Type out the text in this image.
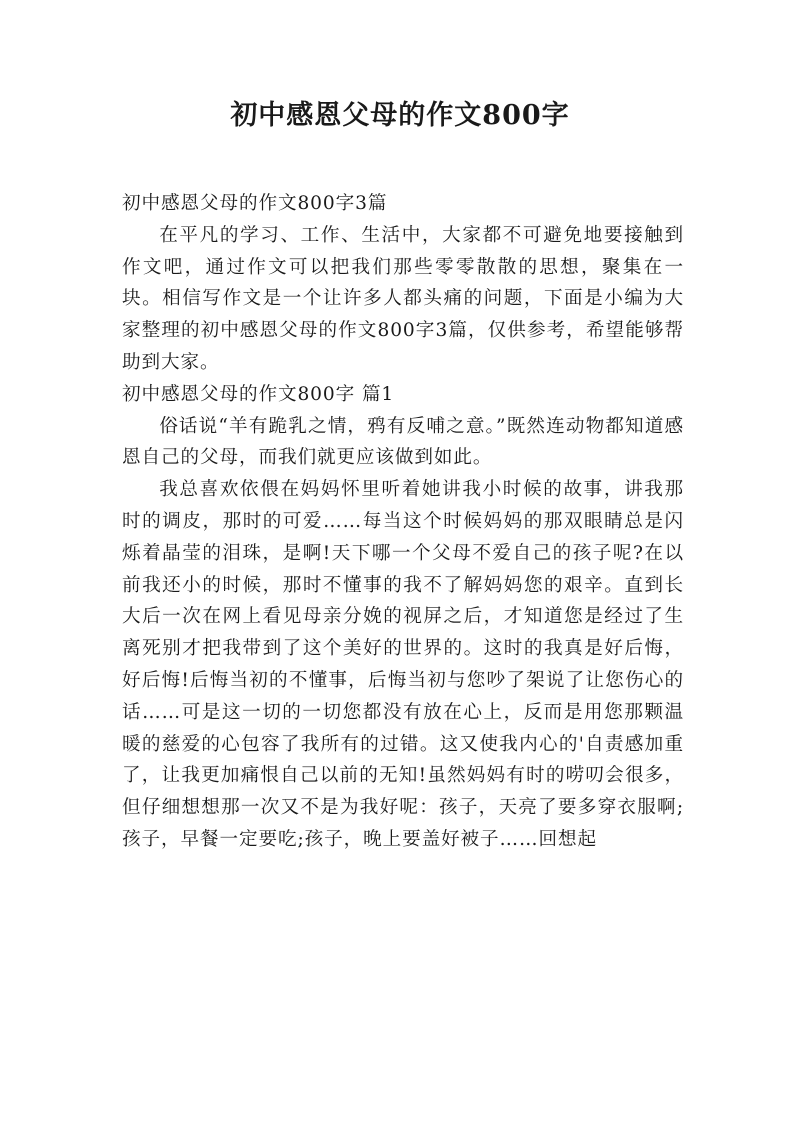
初中感恩父母的作文800字

初中感恩父母的作文800字3篇

在平凡的学习、工作、生活中，大家都不可避免地要接触到作文吧，通过作文可以把我们那些零零散散的思想，聚集在一块。相信写作文是一个让许多人都头痛的问题，下面是小编为大家整理的初中感恩父母的作文800字3篇，仅供参考，希望能够帮助到大家。

初中感恩父母的作文800字 篇1

俗话说“羊有跪乳之情，鸦有反哺之意。”既然连动物都知道感恩自己的父母，而我们就更应该做到如此。

我总喜欢依偎在妈妈怀里听着她讲我小时候的故事，讲我那时的调皮，那时的可爱……每当这个时候妈妈的那双眼睛总是闪烁着晶莹的泪珠，是啊!天下哪一个父母不爱自己的孩子呢?在以前我还小的时候，那时不懂事的我不了解妈妈您的艰辛。直到长大后一次在网上看见母亲分娩的视屏之后，才知道您是经过了生离死别才把我带到了这个美好的世界的。这时的我真是好后悔，好后悔!后悔当初的不懂事，后悔当初与您吵了架说了让您伤心的话……可是这一切的一切您都没有放在心上，反而是用您那颗温暖的慈爱的心包容了我所有的过错。这又使我内心的'自责感加重了，让我更加痛恨自己以前的无知!虽然妈妈有时的唠叨会很多，但仔细想想那一次又不是为我好呢：孩子，天亮了要多穿衣服啊;孩子，早餐一定要吃;孩子，晚上要盖好被子……回想起
